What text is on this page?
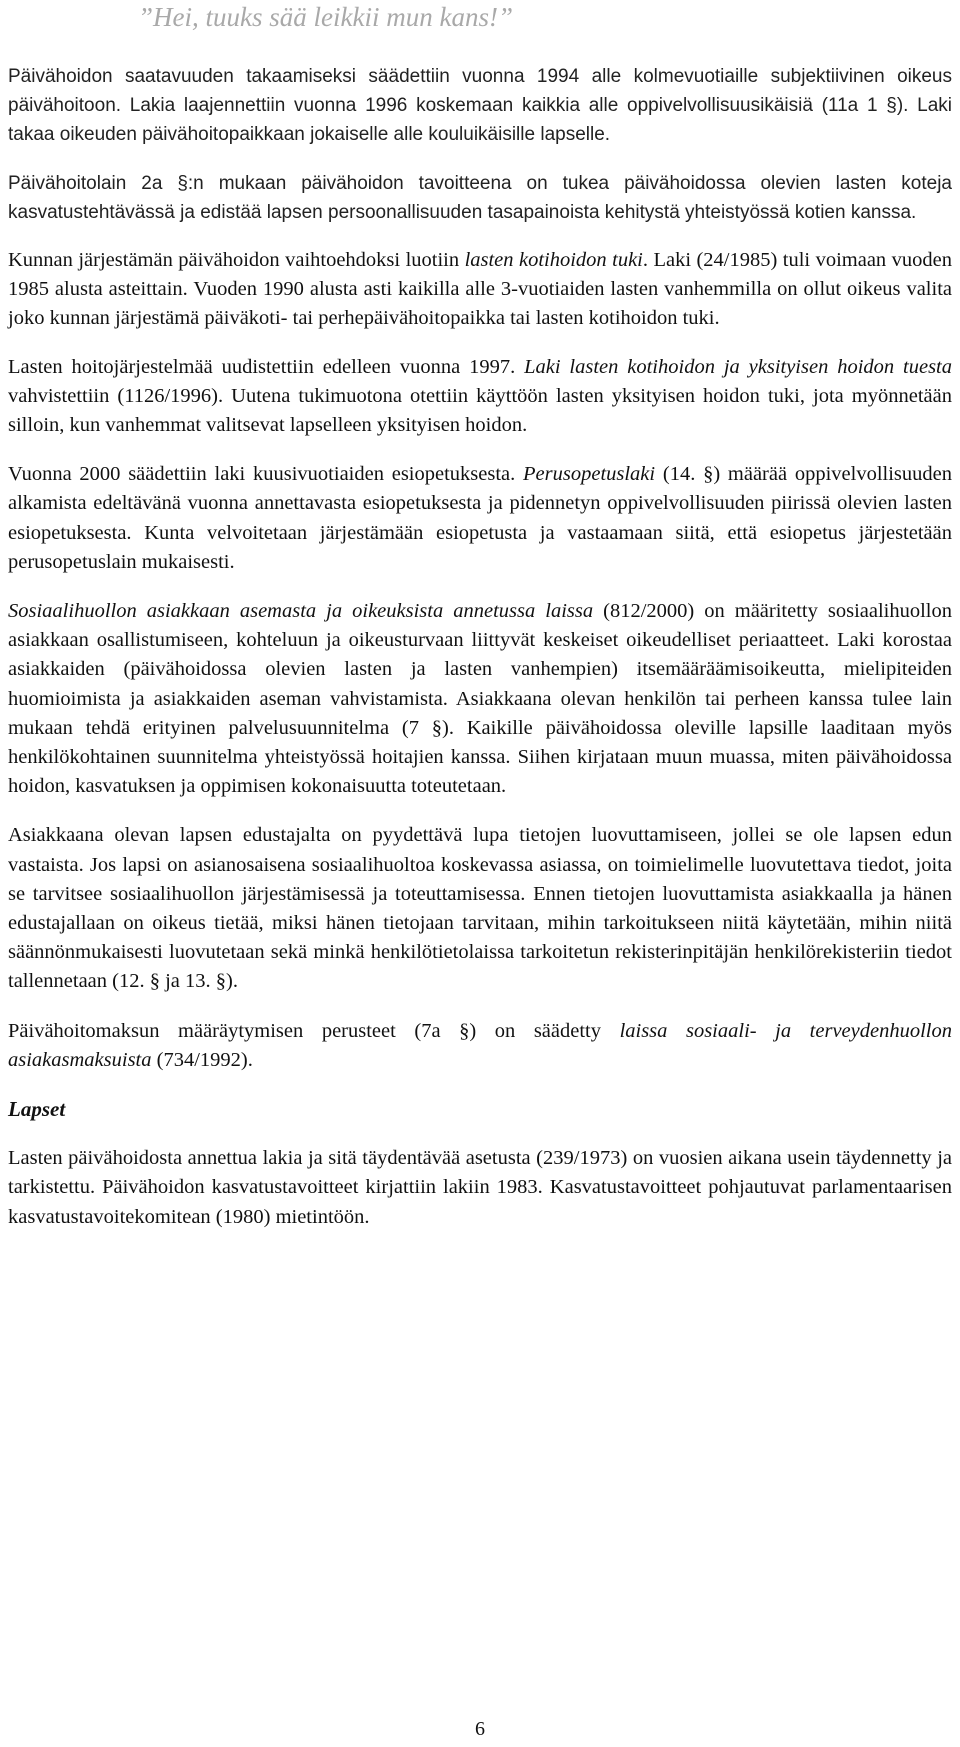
”Hei, tuuks sää leikkii mun kans!”

Päivähoidon saatavuuden takaamiseksi säädettiin vuonna 1994 alle kolmevuotiaille subjektiivinen oikeus päivähoitoon. Lakia laajennettiin vuonna 1996 koskemaan kaikkia alle oppivelvollisuusikäisiä (11a 1 §). Laki takaa oikeuden päivähoitopaikkaan jokaiselle alle kouluikäisille lapselle.

Päivähoitolain 2a §:n mukaan päivähoidon tavoitteena on tukea päivähoidossa olevien lasten koteja kasvatustehtävässä ja edistää lapsen persoonallisuuden tasapainoista kehitystä yhteistyössä kotien kanssa.

Kunnan järjestämän päivähoidon vaihtoehdoksi luotiin lasten kotihoidon tuki. Laki (24/1985) tuli voimaan vuoden 1985 alusta asteittain. Vuoden 1990 alusta asti kaikilla alle 3-vuotiaiden lasten vanhemmilla on ollut oikeus valita joko kunnan järjestämä päiväkoti- tai perhepäivähoitopaikka tai lasten kotihoidon tuki.

Lasten hoitojärjestelmää uudistettiin edelleen vuonna 1997. Laki lasten kotihoidon ja yksityisen hoidon tuesta vahvistettiin (1126/1996). Uutena tukimuotona otettiin käyttöön lasten yksityisen hoidon tuki, jota myönnetään silloin, kun vanhemmat valitsevat lapselleen yksityisen hoidon.

Vuonna 2000 säädettiin laki kuusivuotiaiden esiopetuksesta. Perusopetuslaki (14. §) määrää oppivelvollisuuden alkamista edeltävänä vuonna annettavasta esiopetuksesta ja pidennetyn oppivelvollisuuden piirissä olevien lasten esiopetuksesta. Kunta velvoitetaan järjestämään esiopetusta ja vastaamaan siitä, että esiopetus järjestetään perusopetuslain mukaisesti.

Sosiaalihuollon asiakkaan asemasta ja oikeuksista annetussa laissa (812/2000) on määritetty sosiaalihuollon asiakkaan osallistumiseen, kohteluun ja oikeusturvaan liittyvät keskeiset oikeudelliset periaatteet. Laki korostaa asiakkaiden (päivähoidossa olevien lasten ja lasten vanhempien) itsemääräämisoikeutta, mielipiteiden huomioimista ja asiakkaiden aseman vahvistamista. Asiakkaana olevan henkilön tai perheen kanssa tulee lain mukaan tehdä erityinen palvelusuunnitelma (7 §). Kaikille päivähoidossa oleville lapsille laaditaan myös henkilökohtainen suunnitelma yhteistyössä hoitajien kanssa. Siihen kirjataan muun muassa, miten päivähoidossa hoidon, kasvatuksen ja oppimisen kokonaisuutta toteutetaan.

Asiakkaana olevan lapsen edustajalta on pyydettävä lupa tietojen luovuttamiseen, jollei se ole lapsen edun vastaista. Jos lapsi on asianosaisena sosiaalihuoltoa koskevassa asiassa, on toimielimelle luovutettava tiedot, joita se tarvitsee sosiaalihuollon järjestämisessä ja toteuttamisessa. Ennen tietojen luovuttamista asiakkaalla ja hänen edustajallaan on oikeus tietää, miksi hänen tietojaan tarvitaan, mihin tarkoitukseen niitä käytetään, mihin niitä säännönmukaisesti luovutetaan sekä minkä henkilötietolaissa tarkoitetun rekisterinpitäjän henkilörekisteriin tiedot tallennetaan (12. § ja 13. §).

Päivähoitomaksun määräytymisen perusteet (7a §) on säädetty laissa sosiaali- ja terveydenhuollon asiakasmaksuista (734/1992).

Lapset

Lasten päivähoidosta annettua lakia ja sitä täydentävää asetusta (239/1973) on vuosien aikana usein täydennetty ja tarkistettu. Päivähoidon kasvatustavoitteet kirjattiin lakiin 1983. Kasvatustavoitteet pohjautuvat parlamentaarisen kasvatustavoitekomitean (1980) mietintöön.

6
